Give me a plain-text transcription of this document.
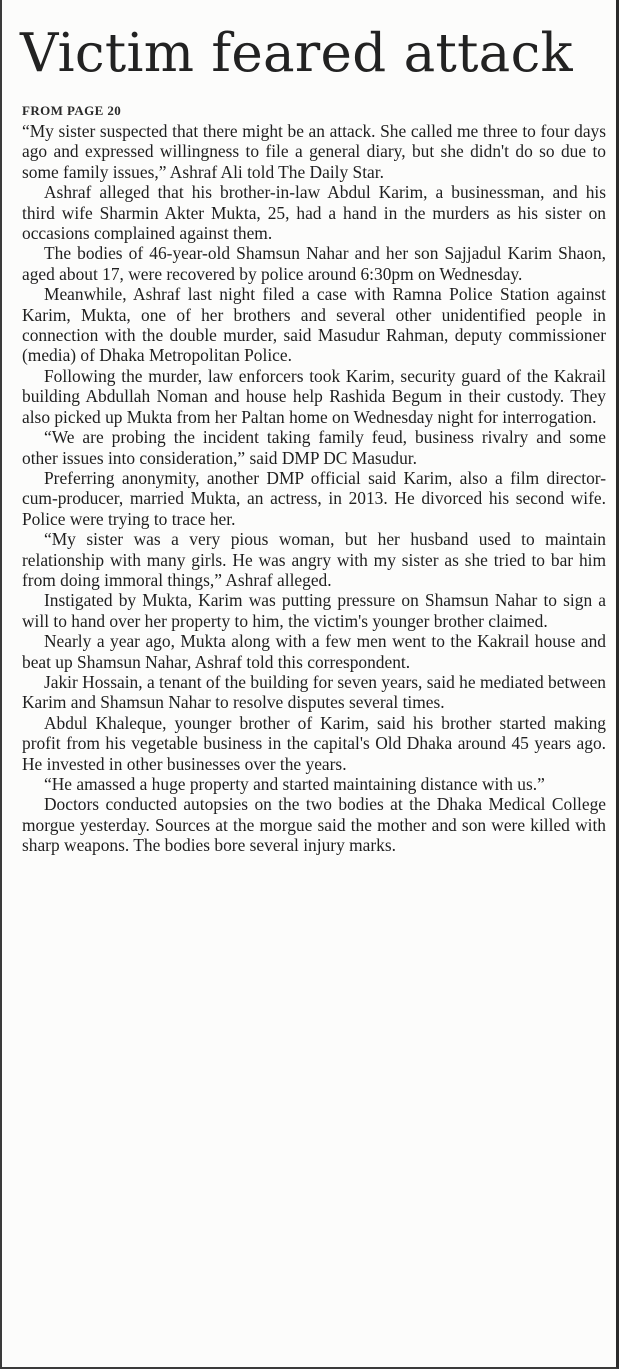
Victim feared attack
FROM PAGE 20

“My sister suspected that there might be an attack. She called me three to four days ago and expressed willingness to file a general diary, but she didn't do so due to some family issues,” Ashraf Ali told The Daily Star.

Ashraf alleged that his brother-in-law Abdul Karim, a businessman, and his third wife Sharmin Akter Mukta, 25, had a hand in the murders as his sister on occasions complained against them.

The bodies of 46-year-old Shamsun Nahar and her son Sajjadul Karim Shaon, aged about 17, were recovered by police around 6:30pm on Wednesday.

Meanwhile, Ashraf last night filed a case with Ramna Police Station against Karim, Mukta, one of her brothers and several other unidentified people in connection with the double murder, said Masudur Rahman, deputy commissioner (media) of Dhaka Metropolitan Police.

Following the murder, law enforcers took Karim, security guard of the Kakrail building Abdullah Noman and house help Rashida Begum in their custody. They also picked up Mukta from her Paltan home on Wednesday night for interrogation.

“We are probing the incident taking family feud, business rivalry and some other issues into consideration,” said DMP DC Masudur.

Preferring anonymity, another DMP official said Karim, also a film director-cum-producer, married Mukta, an actress, in 2013. He divorced his second wife. Police were trying to trace her.

“My sister was a very pious woman, but her husband used to maintain relationship with many girls. He was angry with my sister as she tried to bar him from doing immoral things,” Ashraf alleged.

Instigated by Mukta, Karim was putting pressure on Shamsun Nahar to sign a will to hand over her property to him, the victim's younger brother claimed.

Nearly a year ago, Mukta along with a few men went to the Kakrail house and beat up Shamsun Nahar, Ashraf told this correspondent.

Jakir Hossain, a tenant of the building for seven years, said he mediated between Karim and Shamsun Nahar to resolve disputes several times.

Abdul Khaleque, younger brother of Karim, said his brother started making profit from his vegetable business in the capital's Old Dhaka around 45 years ago. He invested in other businesses over the years.

“He amassed a huge property and started maintaining distance with us.”

Doctors conducted autopsies on the two bodies at the Dhaka Medical College morgue yesterday. Sources at the morgue said the mother and son were killed with sharp weapons. The bodies bore several injury marks.
